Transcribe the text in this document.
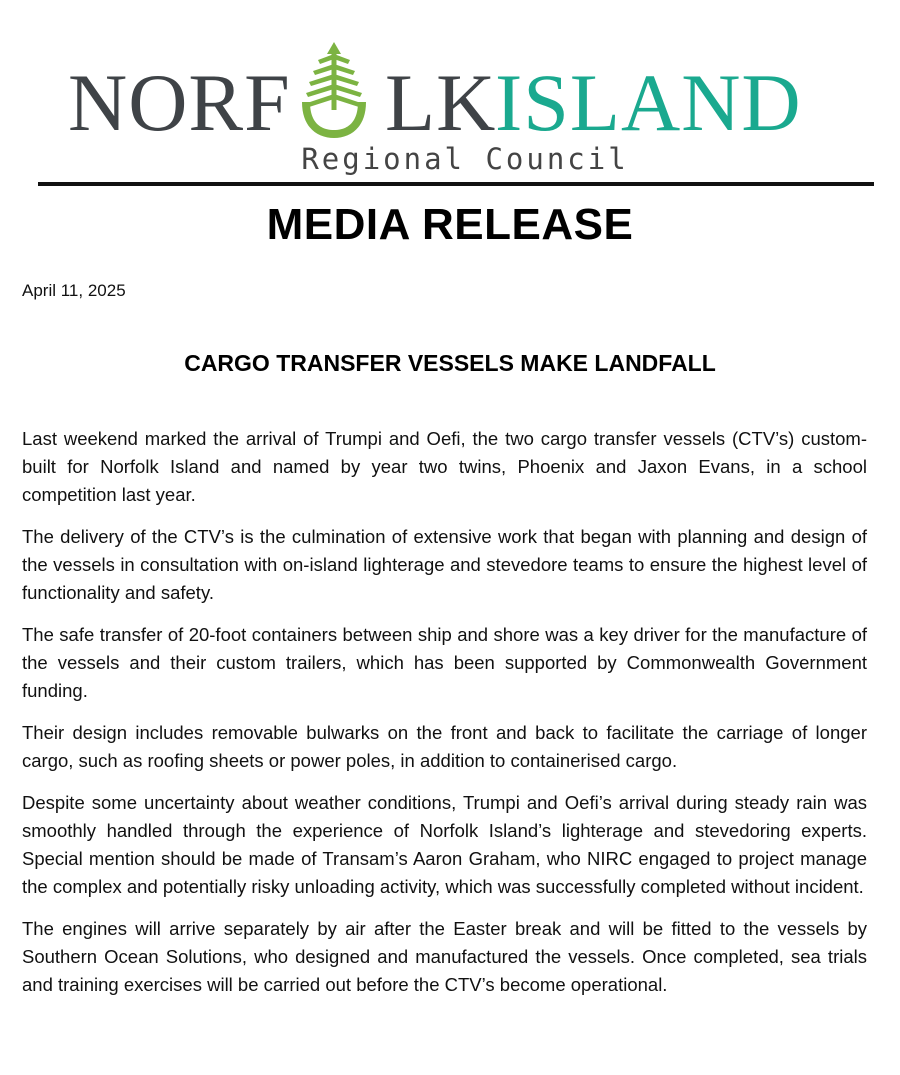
NORF LK
ISLAND
Regional Council
MEDIA RELEASE
April 11, 2025
CARGO TRANSFER VESSELS MAKE LANDFALL

Last weekend marked the arrival of Trumpi and Oefi, the two cargo transfer vessels (CTV’s) custom-built for Norfolk Island and named by year two twins, Phoenix and Jaxon Evans, in a school competition last year.

The delivery of the CTV’s is the culmination of extensive work that began with planning and design of the vessels in consultation with on-island lighterage and stevedore teams to ensure the highest level of functionality and safety.

The safe transfer of 20-foot containers between ship and shore was a key driver for the manufacture of the vessels and their custom trailers, which has been supported by Commonwealth Government funding.

Their design includes removable bulwarks on the front and back to facilitate the carriage of longer cargo, such as roofing sheets or power poles, in addition to containerised cargo.

Despite some uncertainty about weather conditions, Trumpi and Oefi’s arrival during steady rain was smoothly handled through the experience of Norfolk Island’s lighterage and stevedoring experts. Special mention should be made of Transam’s Aaron Graham, who NIRC engaged to project manage the complex and potentially risky unloading activity, which was successfully completed without incident.

The engines will arrive separately by air after the Easter break and will be fitted to the vessels by Southern Ocean Solutions, who designed and manufactured the vessels. Once completed, sea trials and training exercises will be carried out before the CTV’s become operational.
